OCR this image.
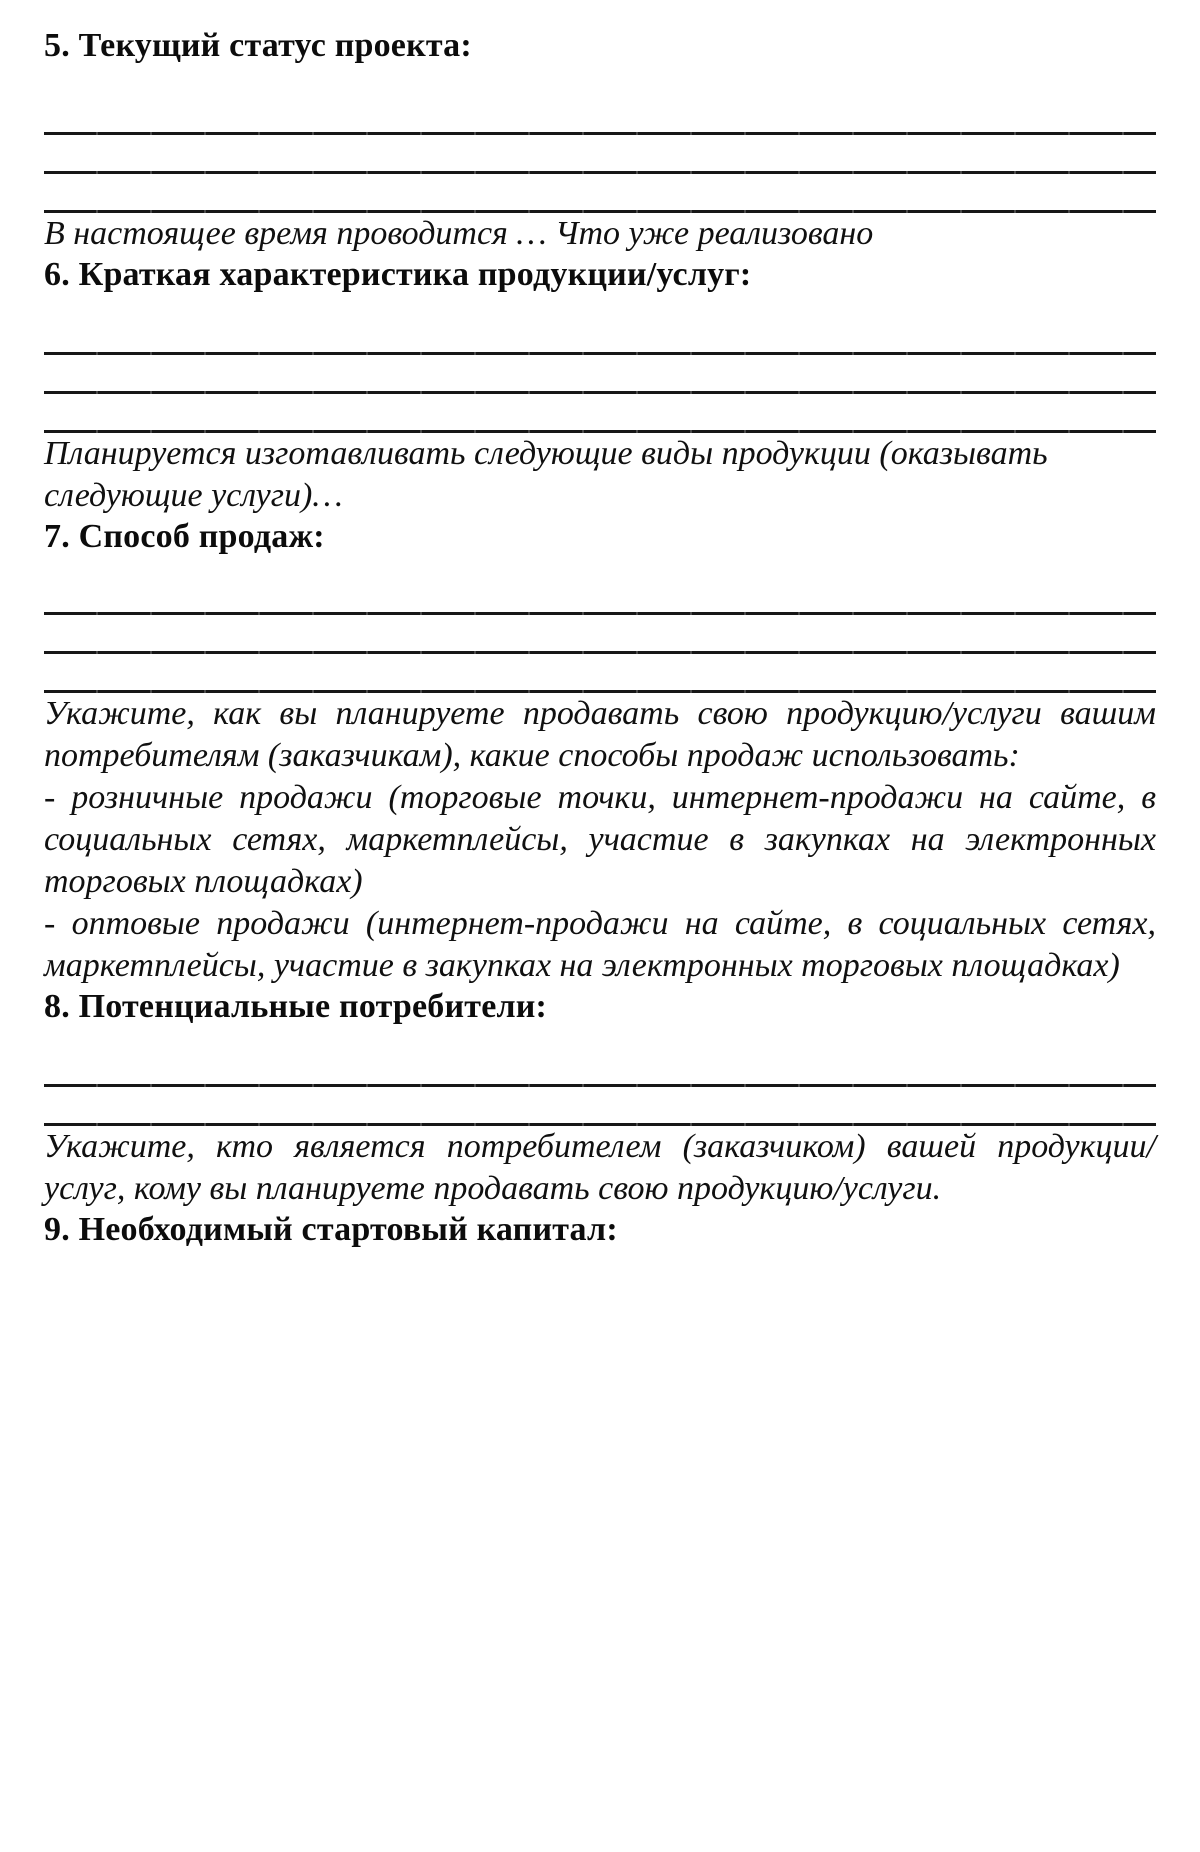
5. Текущий статус проекта:

В настоящее время проводится … Что уже реализовано

6. Краткая характеристика продукции/услуг:

Планируется изготавливать следующие виды продукции (оказывать следующие услуги)…

7. Способ продаж:

Укажите, как вы планируете продавать свою продукцию/услуги вашим потребителям (заказчикам), какие способы продаж использовать:

- розничные продажи (торговые точки, интернет-продажи на сайте, в социальных сетях, маркетплейсы, участие в закупках на электронных торговых площадках)

- оптовые продажи (интернет-продажи на сайте, в социальных сетях, маркетплейсы, участие в закупках на электронных торговых площадках)

8. Потенциальные потребители:

Укажите, кто является потребителем (заказчиком) вашей продукции/услуг, кому вы планируете продавать свою продукцию/услуги.

9. Необходимый стартовый капитал:
